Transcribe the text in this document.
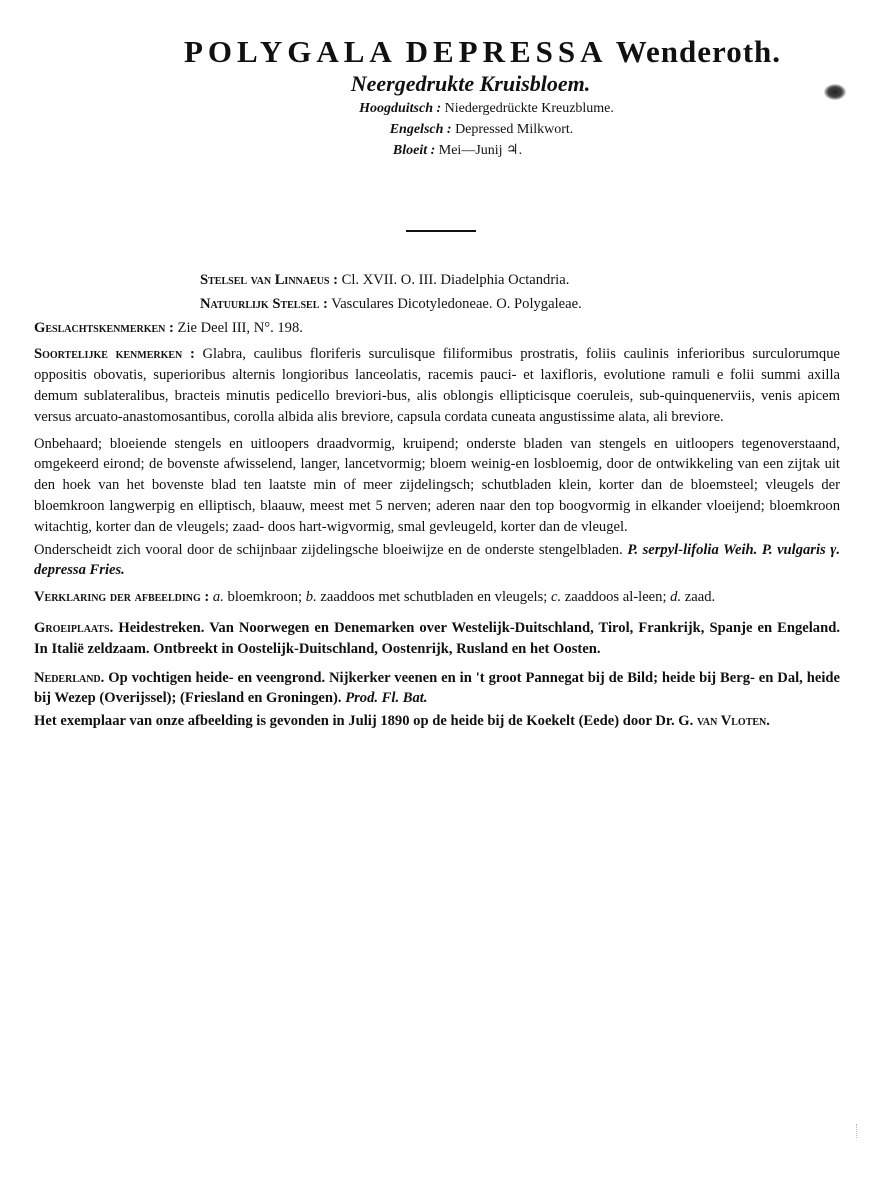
POLYGALA DEPRESSA Wenderoth.
Neergedrukte Kruisbloem.
Hoogduitsch : Niedergedrückte Kreuzblume.
Engelsch : Depressed Milkwort.
Bloeit : Mei—Junij ♃.
Stelsel van Linnaeus : Cl. XVII. O. III. Diadelphia Octandria.
Natuurlijk Stelsel : Vasculares Dicotyledoneae. O. Polygaleae.
Geslachtskenmerken : Zie Deel III, N°. 198.

Soortelijke kenmerken : Glabra, caulibus floriferis surculisque filiformibus prostratis, foliis caulinis inferioribus surculorumque oppositis obovatis, superioribus alternis longioribus lanceolatis, racemis pauci- et laxifloris, evolutione ramuli e folii summi axilla demum sublateralibus, bracteis minutis pedicello breviori-bus, alis oblongis ellipticisque coeruleis, sub-quinquenerviis, venis apicem versus arcuato-anastomosantibus, corolla albida alis breviore, capsula cordata cuneata angustissime alata, ali breviore.

Onbehaard; bloeiende stengels en uitloopers draadvormig, kruipend; onderste bladen van stengels en uitloopers tegenoverstaand, omgekeerd eirond; de bovenste afwisselend, langer, lancetvormig; bloem weinig-en losbloemig, door de ontwikkeling van een zijtak uit den hoek van het bovenste blad ten laatste min of meer zijdelingsch; schutbladen klein, korter dan de bloemsteel; vleugels der bloemkroon langwerpig en elliptisch, blaauw, meest met 5 nerven; aderen naar den top boogvormig in elkander vloeijend; bloemkroon witachtig, korter dan de vleugels; zaad- doos hart-wigvormig, smal gevleugeld, korter dan de vleugel.

Onderscheidt zich vooral door de schijnbaar zijdelingsche bloeiwijze en de onderste stengelbladen. P. serpyl-lifolia Weih. P. vulgaris γ. depressa Fries.

Verklaring der afbeelding : a. bloemkroon; b. zaaddoos met schutbladen en vleugels; c. zaaddoos al-leen; d. zaad.

Groeiplaats. Heidestreken. Van Noorwegen en Denemarken over Westelijk-Duitschland, Tirol, Frankrijk, Spanje en Engeland. In Italië zeldzaam. Ontbreekt in Oostelijk-Duitschland, Oostenrijk, Rusland en het Oosten.

Nederland. Op vochtigen heide- en veengrond. Nijkerker veenen en in 't groot Pannegat bij de Bild; heide bij Berg- en Dal, heide bij Wezep (Overijssel); (Friesland en Groningen). Prod. Fl. Bat.

Het exemplaar van onze afbeelding is gevonden in Julij 1890 op de heide bij de Koekelt (Eede) door Dr. G. van Vloten.
